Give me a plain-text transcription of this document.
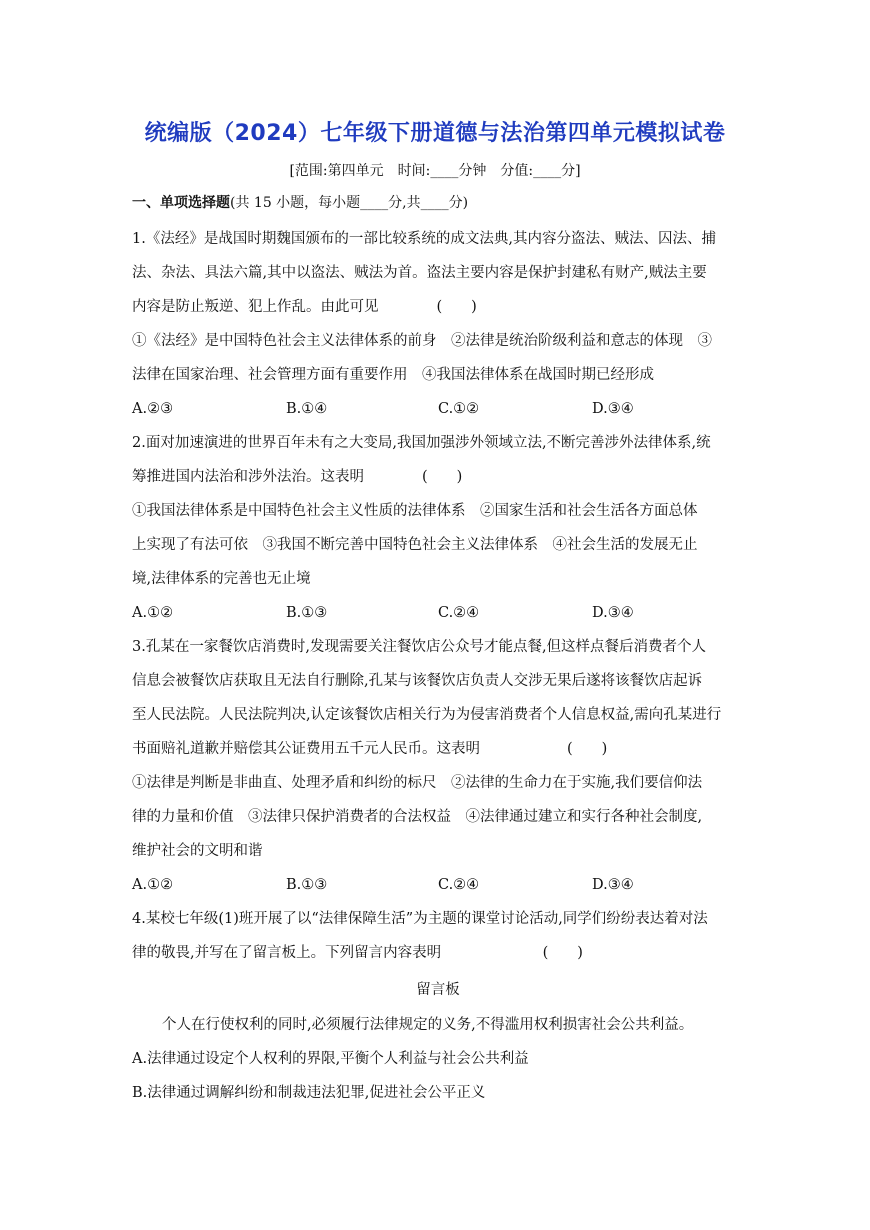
统编版（2024）七年级下册道德与法治第四单元模拟试卷
[范围:第四单元　时间:____分钟　分值:____分]
一、单项选择题(共 15 小题，每小题____分,共____分)
1.《法经》是战国时期魏国颁布的一部比较系统的成文法典,其内容分盗法、贼法、囚法、捕
法、杂法、具法六篇,其中以盗法、贼法为首。盗法主要内容是保护封建私有财产,贼法主要
内容是防止叛逆、犯上作乱。由此可见　　　　(　　)
①《法经》是中国特色社会主义法律体系的前身　②法律是统治阶级利益和意志的体现　③
法律在国家治理、社会管理方面有重要作用　④我国法律体系在战国时期已经形成
A.②③	B.①④	C.①②	D.③④
2.面对加速演进的世界百年未有之大变局,我国加强涉外领域立法,不断完善涉外法律体系,统
筹推进国内法治和涉外法治。这表明　　　　(　　)
①我国法律体系是中国特色社会主义性质的法律体系　②国家生活和社会生活各方面总体
上实现了有法可依　③我国不断完善中国特色社会主义法律体系　④社会生活的发展无止
境,法律体系的完善也无止境
A.①②	B.①③	C.②④	D.③④
3.孔某在一家餐饮店消费时,发现需要关注餐饮店公众号才能点餐,但这样点餐后消费者个人
信息会被餐饮店获取且无法自行删除,孔某与该餐饮店负责人交涉无果后遂将该餐饮店起诉
至人民法院。人民法院判决,认定该餐饮店相关行为为侵害消费者个人信息权益,需向孔某进行
书面赔礼道歉并赔偿其公证费用五千元人民币。这表明　　　　　　(　　)
①法律是判断是非曲直、处理矛盾和纠纷的标尺　②法律的生命力在于实施,我们要信仰法
律的力量和价值　③法律只保护消费者的合法权益　④法律通过建立和实行各种社会制度,
维护社会的文明和谐
A.①②	B.①③	C.②④	D.③④
4.某校七年级(1)班开展了以“法律保障生活”为主题的课堂讨论活动,同学们纷纷表达着对法
律的敬畏,并写在了留言板上。下列留言内容表明　　　　　　　(　　)
留言板
个人在行使权利的同时,必须履行法律规定的义务,不得滥用权利损害社会公共利益。
A.法律通过设定个人权利的界限,平衡个人利益与社会公共利益
B.法律通过调解纠纷和制裁违法犯罪,促进社会公平正义
